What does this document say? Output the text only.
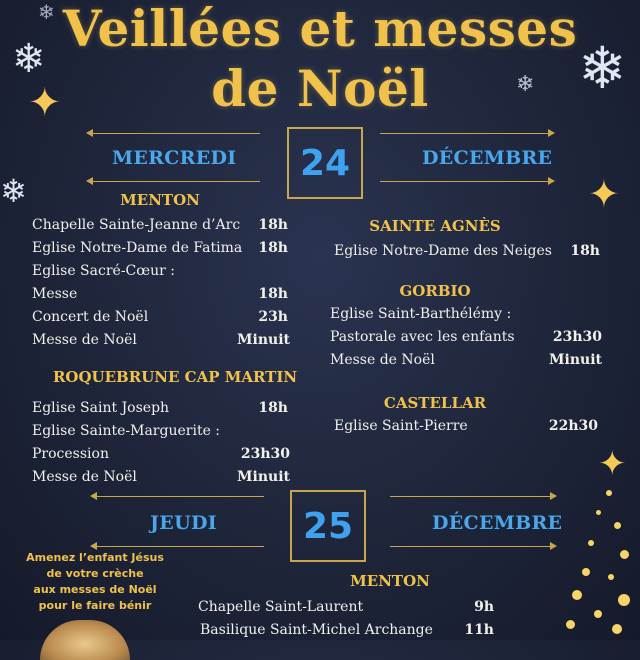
❄	❄
❄
❄
❄
✦
✦
✦
Veillées et messes
de Noël
MERCREDI	24	DÉCEMBRE
MENTON
Chapelle Sainte-Jeanne d’Arc	18h
Eglise Notre-Dame de Fatima	18h
Eglise Sacré-Cœur :
Messe	18h
Concert de Noël	23h
Messe de Noël	Minuit
ROQUEBRUNE CAP MARTIN
Eglise Saint Joseph	18h
Eglise Sainte-Marguerite :
Procession	23h30
Messe de Noël	Minuit
SAINTE AGNÈS
Eglise Notre-Dame des Neiges	18h
GORBIO
Eglise Saint-Barthélémy :
Pastorale avec les enfants	23h30
Messe de Noël	Minuit
CASTELLAR
Eglise Saint-Pierre	22h30
JEUDI	25	DÉCEMBRE
MENTON
Chapelle Saint-Laurent	9h
Basilique Saint-Michel Archange	11h
Amenez l’enfant Jésus
de votre crèche
aux messes de Noël
pour le faire bénir
